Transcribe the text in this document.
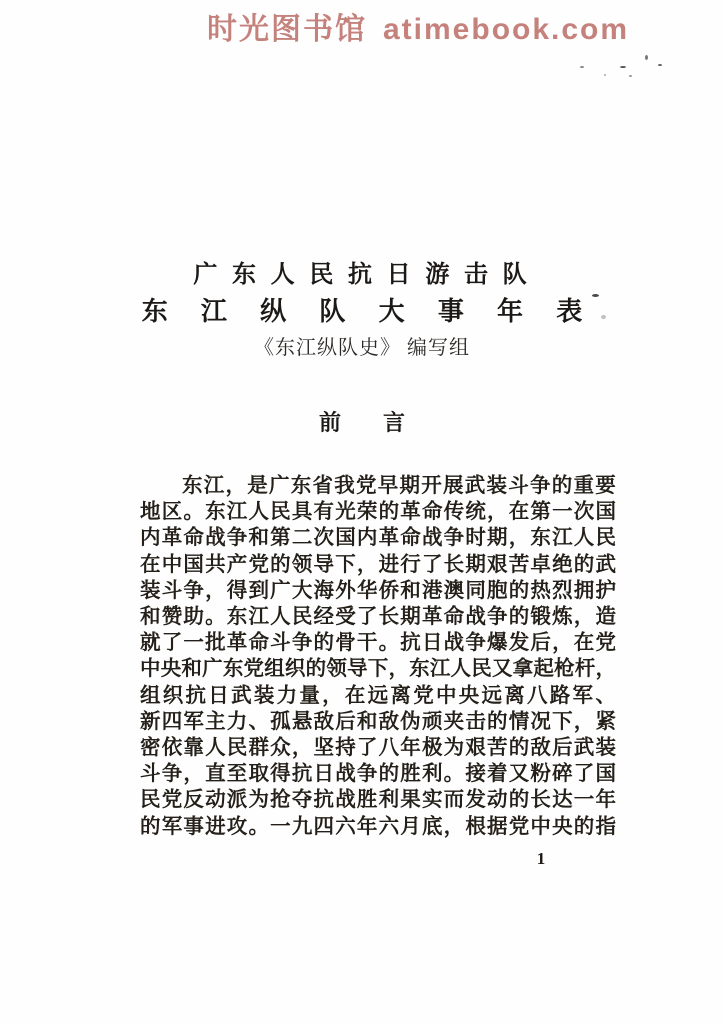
时光图书馆 atimebook.com
广 东 人 民 抗 日 游 击 队
东 江 纵 队 大 事 年 表
《东江纵队史》 编写组
前 言
东 江 ， 是 广 东 省 我 党 早 期 开 展 武 装 斗 争 的 重 要
地 区 。 东 江 人 民 具 有 光 荣 的 革 命 传 统 ， 在 第 一 次 国
内 革 命 战 争 和 第 二 次 国 内 革 命 战 争 时 期 ， 东 江 人 民
在 中 国 共 产 党 的 领 导 下 ， 进 行 了 长 期 艰 苦 卓 绝 的 武
装 斗 争 ， 得 到 广 大 海 外 华 侨 和 港 澳 同 胞 的 热 烈 拥 护
和 赞 助 。 东 江 人 民 经 受 了 长 期 革 命 战 争 的 锻 炼 ， 造
就 了 一 批 革 命 斗 争 的 骨 干 。 抗 日 战 争 爆 发 后 ， 在 党
中 央 和 广 东 党 组 织 的 领 导 下 ， 东 江 人 民 又 拿 起 枪 杆 ，
组 织 抗 日 武 装 力 量 ， 在 远 离 党 中 央 远 离 八 路 军 、
新 四 军 主 力 、 孤 悬 敌 后 和 敌 伪 顽 夹 击 的 情 况 下 ， 紧
密 依 靠 人 民 群 众 ， 坚 持 了 八 年 极 为 艰 苦 的 敌 后 武 装
斗 争 ， 直 至 取 得 抗 日 战 争 的 胜 利 。 接 着 又 粉 碎 了 国
民 党 反 动 派 为 抢 夺 抗 战 胜 利 果 实 而 发 动 的 长 达 一 年
的 军 事 进 攻 。 一 九 四 六 年 六 月 底 ， 根 据 党 中 央 的 指
1
